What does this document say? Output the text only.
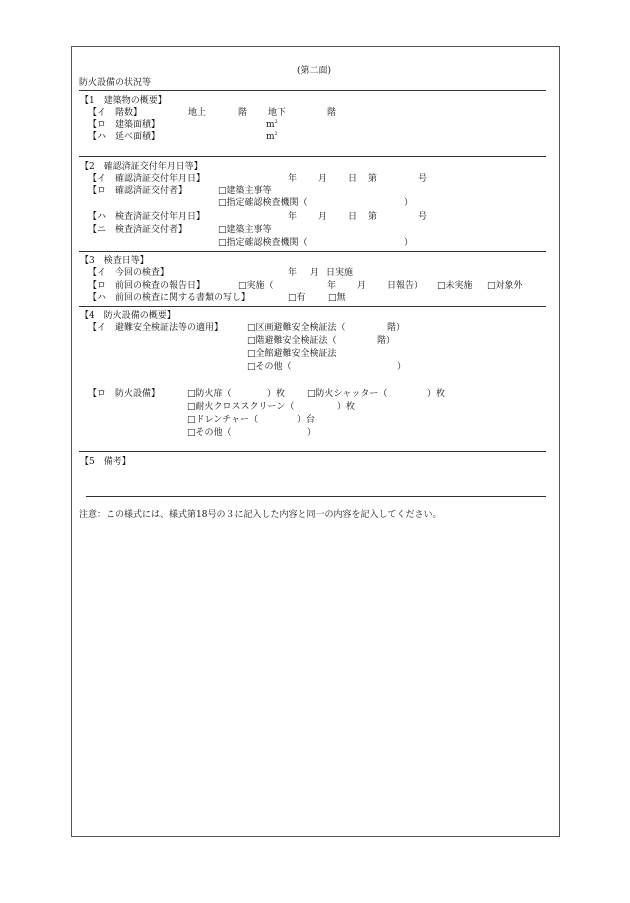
(第二面)
防火設備の状況等
【1　建築物の概要】
【イ　階数】	地上	階 地下	階
【ロ　建築面積】	$m^2$
【ハ　延べ面積】	$m^2$
【2　確認済証交付年月日等】
【イ　確認済証交付年月日】	年 月 日 第	号
【ロ　確認済証交付者】	□建築主事等
□指定確認検査機関（	）
【ハ　検査済証交付年月日】	年 月 日 第	号
【ニ　検査済証交付者】	□建築主事等
□指定確認検査機関（	）
【3　検査日等】
【イ　今回の検査】	年 月 日実施
【ロ　前回の検査の報告日】	□実施（	年 月 日報告） □未実施 □対象外
【ハ　前回の検査に関する書類の写し】	□有 □無
【4　防火設備の概要】
【イ　避難安全検証法等の適用】	□区画避難安全検証法（	階）
□階避難安全検証法（	階）
□全館避難安全検証法
□その他（	）
【ロ　防火設備】	□防火扉（	）枚 □防火シャッター（	）枚
□耐火クロススクリーン（	）枚
□ドレンチャー（	）台
□その他（	）
【5　備考】
注意：この様式には、様式第18号の３に記入した内容と同一の内容を記入してください。
